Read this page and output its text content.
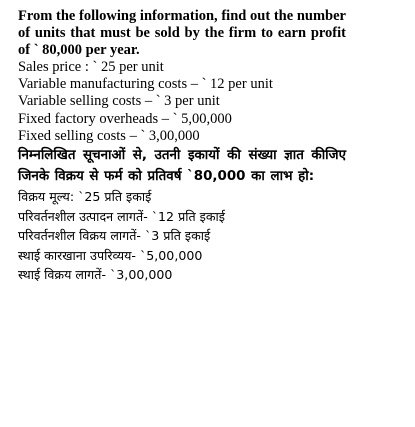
From the following information, find out the number of units that must be sold by the firm to earn profit of ` 80,000 per year.

Sales price : ` 25 per unit
Variable manufacturing costs – ` 12 per unit
Variable selling costs – ` 3 per unit
Fixed factory overheads – ` 5,00,000
Fixed selling costs – ` 3,00,000

निम्नलिखित सूचनाओं से, उतनी इकायों की संख्या ज्ञात कीजिए जिनके विक्रय से फर्म को प्रतिवर्ष `80,000 का लाभ हो:

विक्रय मूल्य: `25 प्रति इकाई
परिवर्तनशील उत्पादन लागतें- `12 प्रति इकाई
परिवर्तनशील विक्रय लागतें- `3 प्रति इकाई
स्थाई कारखाना उपरिव्यय- `5,00,000
स्थाई विक्रय लागतें- `3,00,000
